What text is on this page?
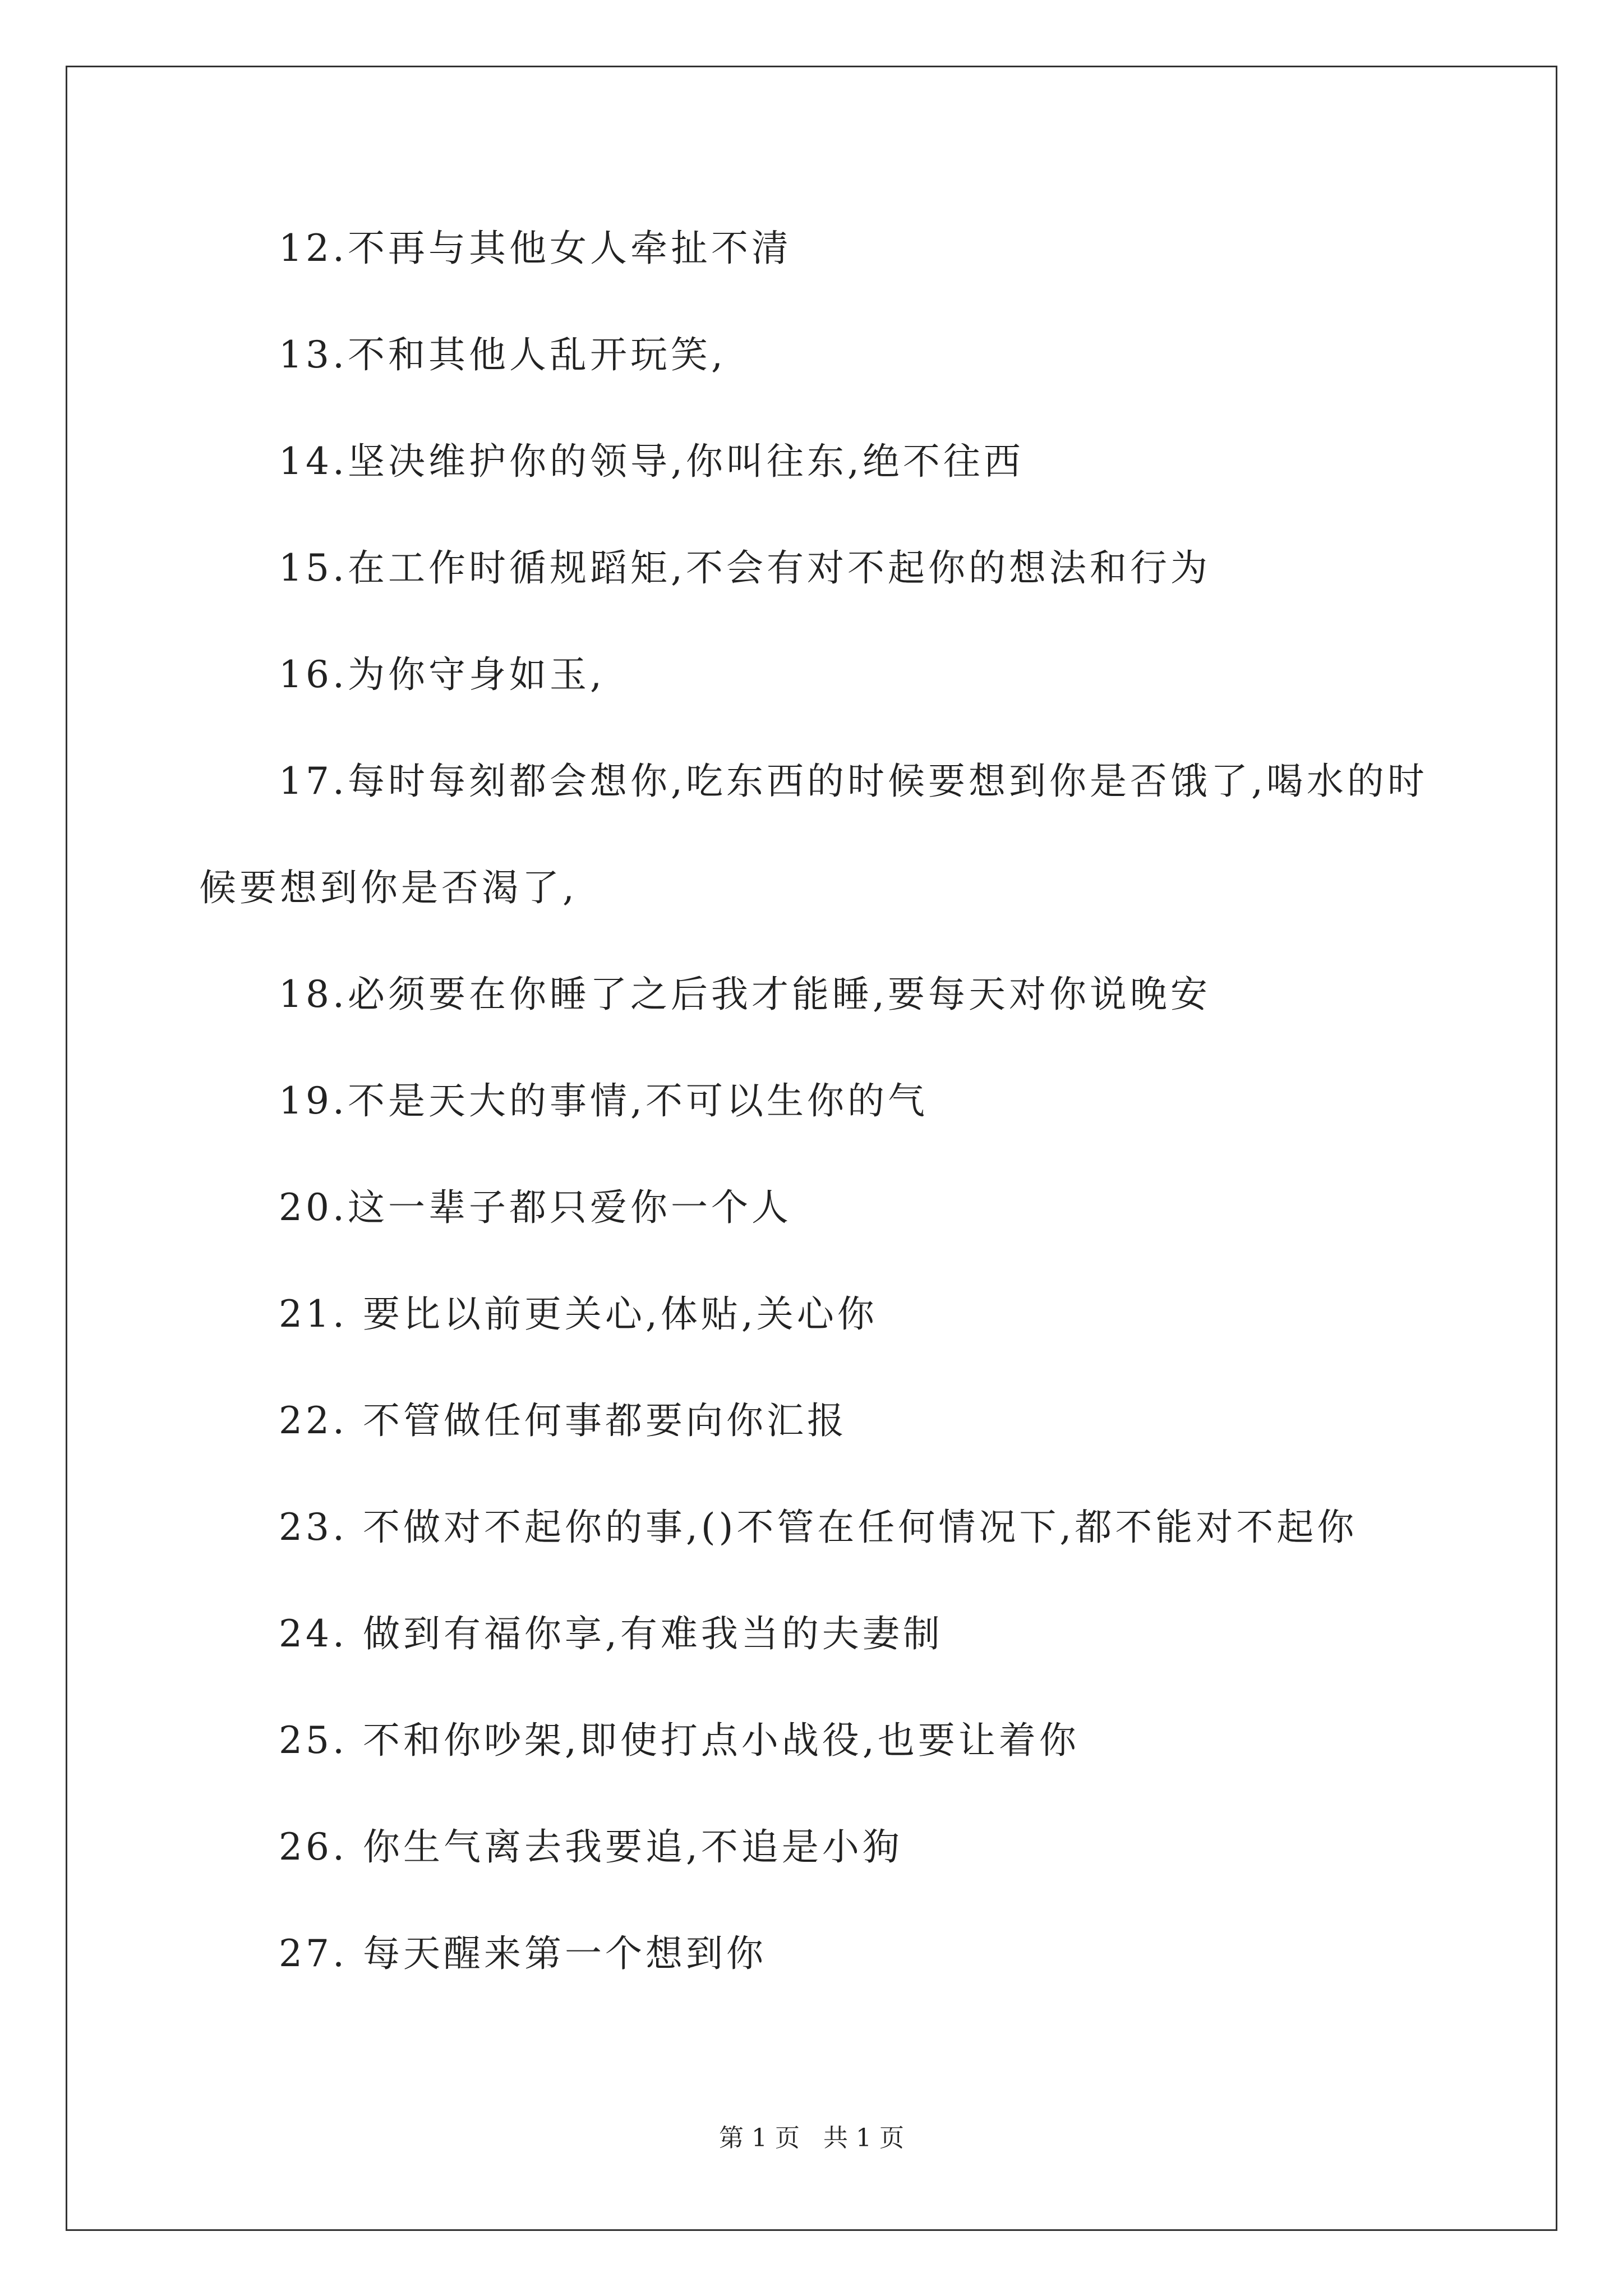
12.不再与其他女人牵扯不清
13.不和其他人乱开玩笑,
14.坚决维护你的领导,你叫往东,绝不往西
15.在工作时循规蹈矩,不会有对不起你的想法和行为
16.为你守身如玉,
17.每时每刻都会想你,吃东西的时候要想到你是否饿了,喝水的时
候要想到你是否渴了,
18.必须要在你睡了之后我才能睡,要每天对你说晚安
19.不是天大的事情,不可以生你的气
20.这一辈子都只爱你一个人
21. 要比以前更关心,体贴,关心你
22. 不管做任何事都要向你汇报
23. 不做对不起你的事,()不管在任何情况下,都不能对不起你
24. 做到有福你享,有难我当的夫妻制
25. 不和你吵架,即使打点小战役,也要让着你
26. 你生气离去我要追,不追是小狗
27. 每天醒来第一个想到你
第 1 页   共 1 页
